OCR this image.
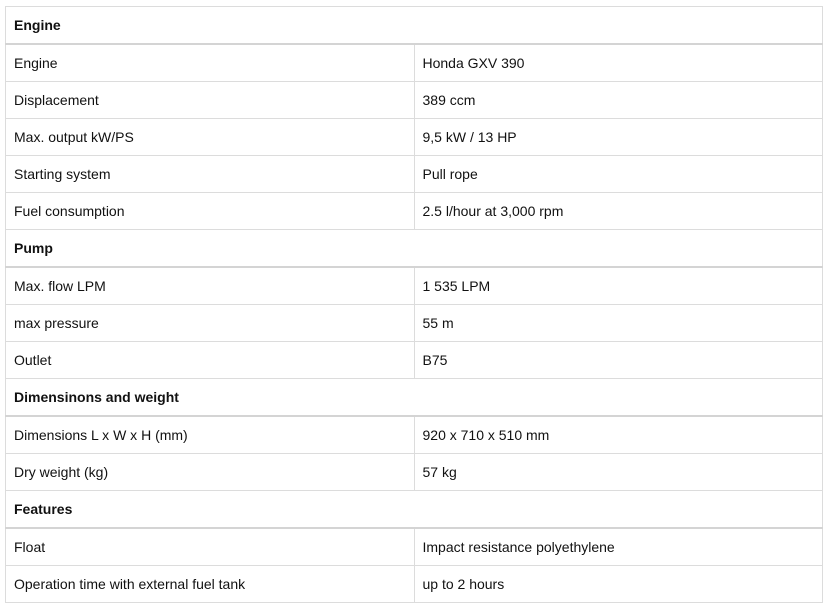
Engine	
Engine	Honda GXV 390
Displacement	389 ccm
Max. output kW/PS	9,5 kW / 13 HP
Starting system	Pull rope
Fuel consumption	2.5 l/hour at 3,000 rpm
Pump	
Max. flow LPM	1 535 LPM
max pressure	55 m
Outlet	B75
Dimensinons and weight	
Dimensions L x W x H (mm)	920 x 710 x 510 mm
Dry weight (kg)	57 kg
Features	
Float	Impact resistance polyethylene
Operation time with external fuel tank	up to 2 hours
